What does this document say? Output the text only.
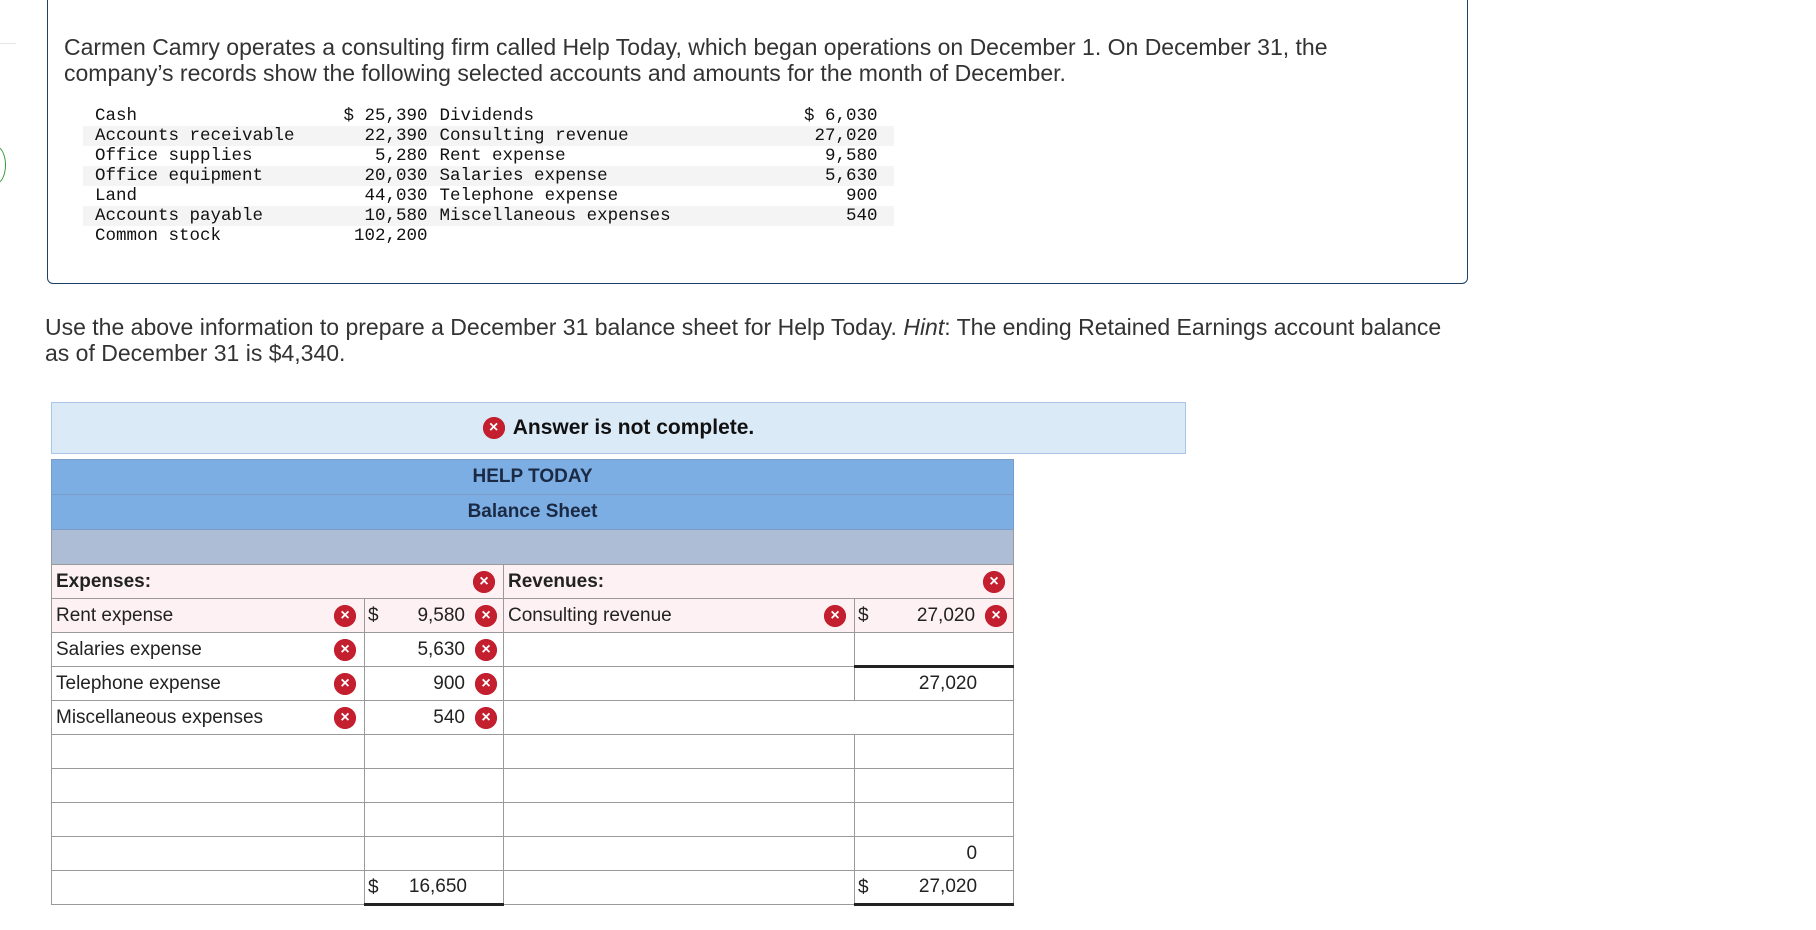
Carmen Camry operates a consulting firm called Help Today, which began operations on December 1. On December 31, the company’s records show the following selected accounts and amounts for the month of December.

Cash	$ 25,390	Dividends	$ 6,030
Accounts receivable	22,390	Consulting revenue	27,020
Office supplies	5,280	Rent expense	9,580
Office equipment	20,030	Salaries expense	5,630
Land	44,030	Telephone expense	900
Accounts payable	10,580	Miscellaneous expenses	540
Common stock	102,200		

Use the above information to prepare a December 31 balance sheet for Help Today. Hint: The ending Retained Earnings account balance as of December 31 is $4,340.

× Answer is not complete.
HELP TODAY			
Balance Sheet			

Expenses: ×		Revenues: ×	

Rent expense ×	$ 9,580 ×	Consulting revenue ×	$ 27,020 ×

Salaries expense ×	5,630 ×		

Telephone expense ×	900 ×		27,020
Miscellaneous expenses ×	540 ×		

			0

	$ 16,650		$ 27,020
